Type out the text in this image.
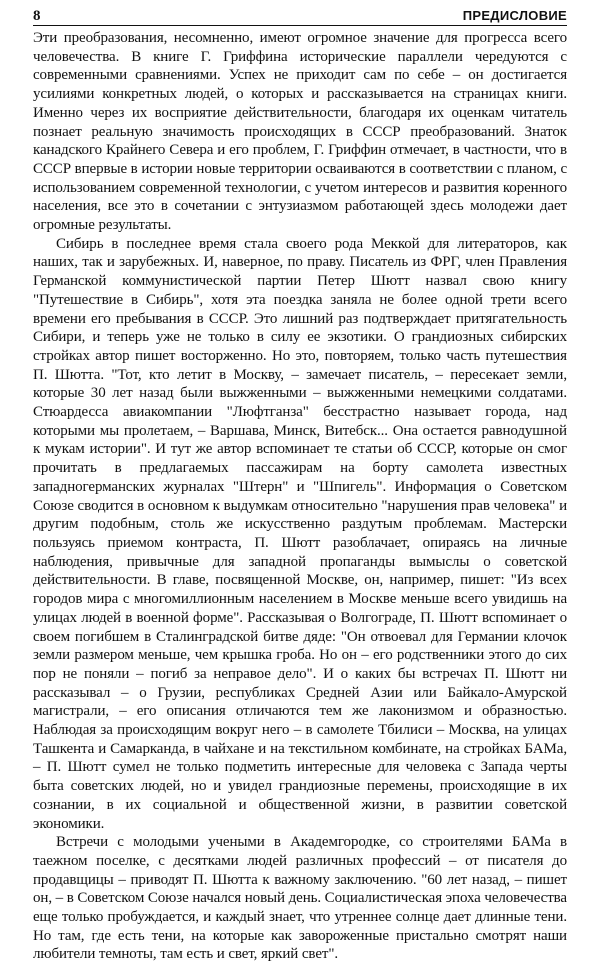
8	ПРЕДИСЛОВИЕ

Эти преобразования, несомненно, имеют огромное значение для прогресса всего человечества. В книге Г. Гриффина исторические параллели чередуются с современными сравнениями. Успех не приходит сам по себе – он достигается усилиями конкретных людей, о которых и рассказывается на страницах книги. Именно через их восприятие действительности, благодаря их оценкам читатель познает реальную значимость происходящих в СССР преобразований. Знаток канадского Крайнего Севера и его проблем, Г. Гриффин отмечает, в частности, что в СССР впервые в истории новые территории осваиваются в соответствии с планом, с использованием современной технологии, с учетом интересов и развития коренного населения, все это в сочетании с энтузиазмом работающей здесь молодежи дает огромные результаты.

Сибирь в последнее время стала своего рода Меккой для литераторов, как наших, так и зарубежных. И, наверное, по праву. Писатель из ФРГ, член Правления Германской коммунистической партии Петер Шютт назвал свою книгу "Путешествие в Сибирь", хотя эта поездка заняла не более одной трети всего времени его пребывания в СССР. Это лишний раз подтверждает притягательность Сибири, и теперь уже не только в силу ее экзотики. О грандиозных сибирских стройках автор пишет восторженно. Но это, повторяем, только часть путешествия П. Шютта. "Тот, кто летит в Москву, – замечает писатель, – пересекает земли, которые 30 лет назад были выжженными – выжженными немецкими солдатами. Стюардесса авиакомпании "Люфтганза" бесстрастно называет города, над которыми мы пролетаем, – Варшава, Минск, Витебск... Она остается равнодушной к мукам истории". И тут же автор вспоминает те статьи об СССР, которые он смог прочитать в предлагаемых пассажирам на борту самолета известных западногерманских журналах "Штерн" и "Шпигель". Информация о Советском Союзе сводится в основном к выдумкам относительно "нарушения прав человека" и другим подобным, столь же искусственно раздутым проблемам. Мастерски пользуясь приемом контраста, П. Шютт разоблачает, опираясь на личные наблюдения, привычные для западной пропаганды вымыслы о советской действительности. В главе, посвященной Москве, он, например, пишет: "Из всех городов мира с многомиллионным населением в Москве меньше всего увидишь на улицах людей в военной форме". Рассказывая о Волгограде, П. Шютт вспоминает о своем погибшем в Сталинградской битве дяде: "Он отвоевал для Германии клочок земли размером меньше, чем крышка гроба. Но он – его родственники этого до сих пор не поняли – погиб за неправое дело". И о каких бы встречах П. Шютт ни рассказывал – о Грузии, республиках Средней Азии или Байкало-Амурской магистрали, – его описания отличаются тем же лаконизмом и образностью. Наблюдая за происходящим вокруг него – в самолете Тбилиси – Москва, на улицах Ташкента и Самарканда, в чайхане и на текстильном комбинате, на стройках БАМа, – П. Шютт сумел не только подметить интересные для человека с Запада черты быта советских людей, но и увидел грандиозные перемены, происходящие в их сознании, в их социальной и общественной жизни, в развитии советской экономики.

Встречи с молодыми учеными в Академгородке, со строителями БАМа в таежном поселке, с десятками людей различных профессий – от писателя до продавщицы – приводят П. Шютта к важному заключению. "60 лет назад, – пишет он, – в Советском Союзе начался новый день. Социалистическая эпоха человечества еще только пробуждается, и каждый знает, что утреннее солнце дает длинные тени. Но там, где есть тени, на которые как завороженные пристально смотрят наши любители темноты, там есть и свет, яркий свет".
